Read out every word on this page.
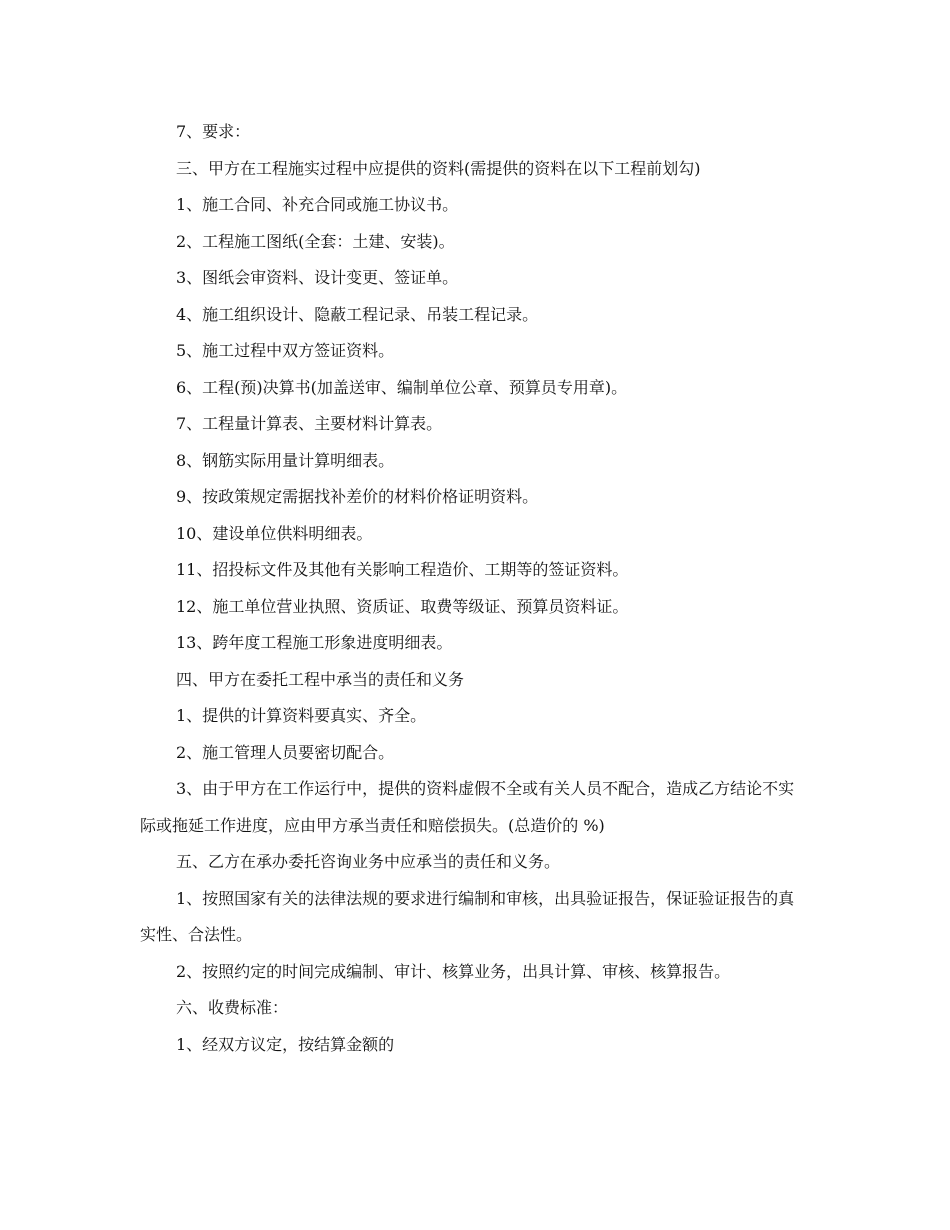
7、要求：

三、甲方在工程施实过程中应提供的资料(需提供的资料在以下工程前划勾)

1、施工合同、补充合同或施工协议书。

2、工程施工图纸(全套：土建、安装)。

3、图纸会审资料、设计变更、签证单。

4、施工组织设计、隐蔽工程记录、吊装工程记录。

5、施工过程中双方签证资料。

6、工程(预)决算书(加盖送审、编制单位公章、预算员专用章)。

7、工程量计算表、主要材料计算表。

8、钢筋实际用量计算明细表。

9、按政策规定需据找补差价的材料价格证明资料。

10、建设单位供料明细表。

11、招投标文件及其他有关影响工程造价、工期等的签证资料。

12、施工单位营业执照、资质证、取费等级证、预算员资料证。

13、跨年度工程施工形象进度明细表。

四、甲方在委托工程中承当的责任和义务

1、提供的计算资料要真实、齐全。

2、施工管理人员要密切配合。

3、由于甲方在工作运行中，提供的资料虚假不全或有关人员不配合，造成乙方结论不实际或拖延工作进度，应由甲方承当责任和赔偿损失。(总造价的 %)

五、乙方在承办委托咨询业务中应承当的责任和义务。

1、按照国家有关的法律法规的要求进行编制和审核，出具验证报告，保证验证报告的真实性、合法性。

2、按照约定的时间完成编制、审计、核算业务，出具计算、审核、核算报告。

六、收费标准：

1、经双方议定，按结算金额的
